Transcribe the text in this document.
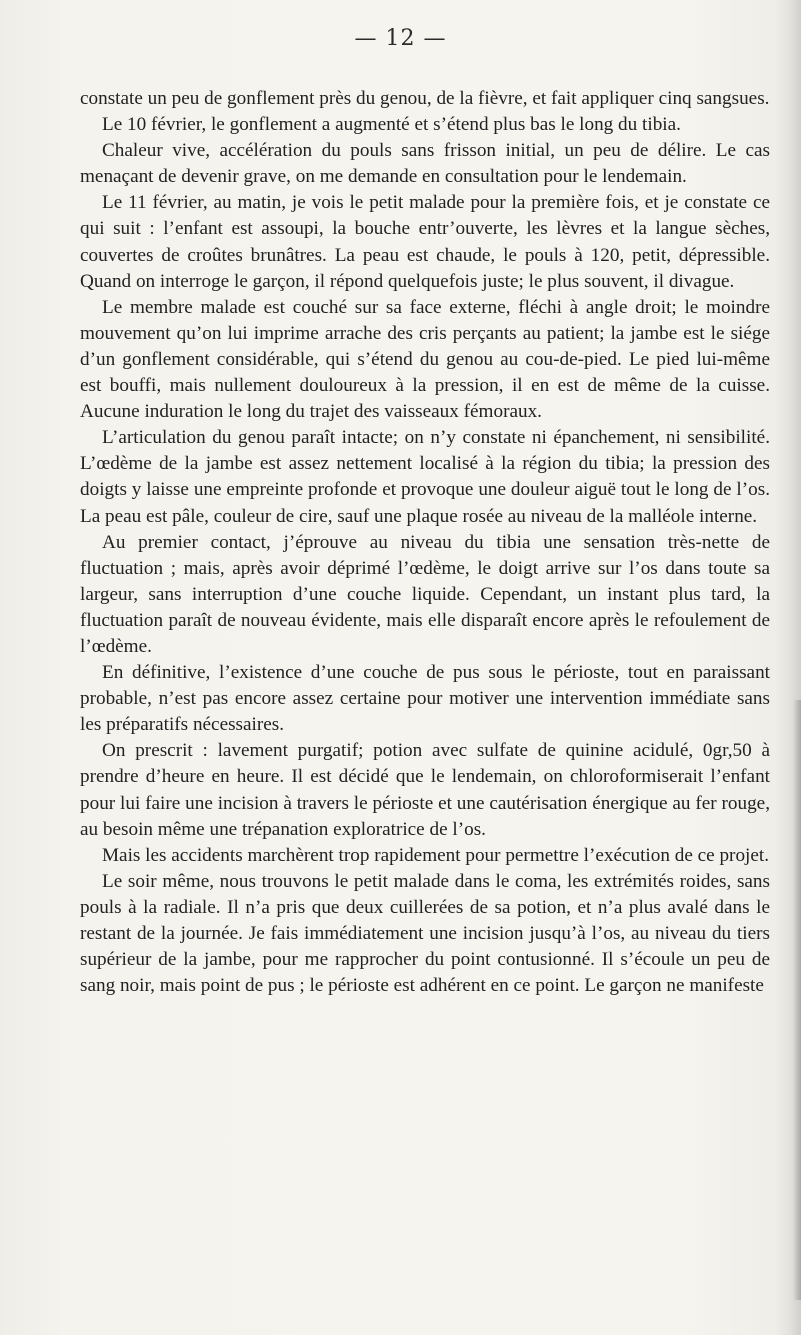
— 12 —

constate un peu de gonflement près du genou, de la fièvre, et fait appliquer cinq sangsues.

Le 10 février, le gonflement a augmenté et s’étend plus bas le long du tibia.

Chaleur vive, accélération du pouls sans frisson initial, un peu de délire. Le cas menaçant de devenir grave, on me demande en consultation pour le lendemain.

Le 11 février, au matin, je vois le petit malade pour la première fois, et je constate ce qui suit : l’enfant est assoupi, la bouche entr’ouverte, les lèvres et la langue sèches, couvertes de croûtes brunâtres. La peau est chaude, le pouls à 120, petit, dépressible. Quand on interroge le garçon, il répond quelquefois juste; le plus souvent, il divague.

Le membre malade est couché sur sa face externe, fléchi à angle droit; le moindre mouvement qu’on lui imprime arrache des cris perçants au patient; la jambe est le siége d’un gonflement considérable, qui s’étend du genou au cou-de-pied. Le pied lui-même est bouffi, mais nullement douloureux à la pression, il en est de même de la cuisse. Aucune induration le long du trajet des vaisseaux fémoraux.

L’articulation du genou paraît intacte; on n’y constate ni épanchement, ni sensibilité. L’œdème de la jambe est assez nettement localisé à la région du tibia; la pression des doigts y laisse une empreinte profonde et provoque une douleur aiguë tout le long de l’os. La peau est pâle, couleur de cire, sauf une plaque rosée au niveau de la malléole interne.

Au premier contact, j’éprouve au niveau du tibia une sensation très-nette de fluctuation ; mais, après avoir déprimé l’œdème, le doigt arrive sur l’os dans toute sa largeur, sans interruption d’une couche liquide. Cependant, un instant plus tard, la fluctuation paraît de nouveau évidente, mais elle disparaît encore après le refoulement de l’œdème.

En définitive, l’existence d’une couche de pus sous le périoste, tout en paraissant probable, n’est pas encore assez certaine pour motiver une intervention immédiate sans les préparatifs nécessaires.

On prescrit : lavement purgatif; potion avec sulfate de quinine acidulé, 0gr,50 à prendre d’heure en heure. Il est décidé que le lendemain, on chloroformiserait l’enfant pour lui faire une incision à travers le périoste et une cautérisation énergique au fer rouge, au besoin même une trépanation exploratrice de l’os.

Mais les accidents marchèrent trop rapidement pour permettre l’exécution de ce projet.

Le soir même, nous trouvons le petit malade dans le coma, les extrémités roides, sans pouls à la radiale. Il n’a pris que deux cuillerées de sa potion, et n’a plus avalé dans le restant de la journée. Je fais immédiatement une incision jusqu’à l’os, au niveau du tiers supérieur de la jambe, pour me rapprocher du point contusionné. Il s’écoule un peu de sang noir, mais point de pus ; le périoste est adhérent en ce point. Le garçon ne manifeste
